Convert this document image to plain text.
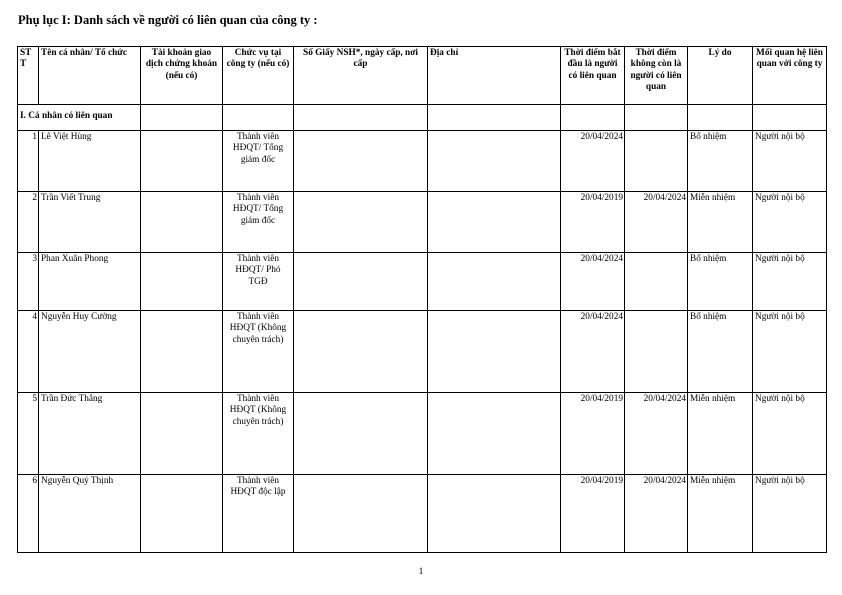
Phụ lục I: Danh sách về người có liên quan của công ty :
ST T	Tên cá nhân/ Tổ chức	Tài khoản giao dịch chứng khoán (nếu có)	Chức vụ tại công ty (nếu có)	Số Giấy NSH*, ngày cấp, nơi cấp	Địa chỉ	Thời điểm bắt đầu là người có liên quan	Thời điểm không còn là người có liên quan	Lý do	Mối quan hệ liên quan với công ty
I. Cá nhân có liên quan									
1	Lê Việt Hùng		Thành viên HĐQT/ Tổng giám đốc			20/04/2024		Bổ nhiệm	Người nội bộ
2	Trần Viết Trung		Thành viên HĐQT/ Tổng giám đốc			20/04/2019	20/04/2024	Miễn nhiệm	Người nội bộ
3	Phan Xuân Phong		Thành viên HĐQT/ Phó TGĐ			20/04/2024		Bổ nhiệm	Người nội bộ
4	Nguyễn Huy Cường		Thành viên HĐQT (Không chuyên trách)			20/04/2024		Bổ nhiệm	Người nội bộ
5	Trần Đức Thắng		Thành viên HĐQT (Không chuyên trách)			20/04/2019	20/04/2024	Miễn nhiệm	Người nội bộ
6	Nguyễn Quý Thịnh		Thành viên HĐQT độc lập			20/04/2019	20/04/2024	Miễn nhiệm	Người nội bộ
1
